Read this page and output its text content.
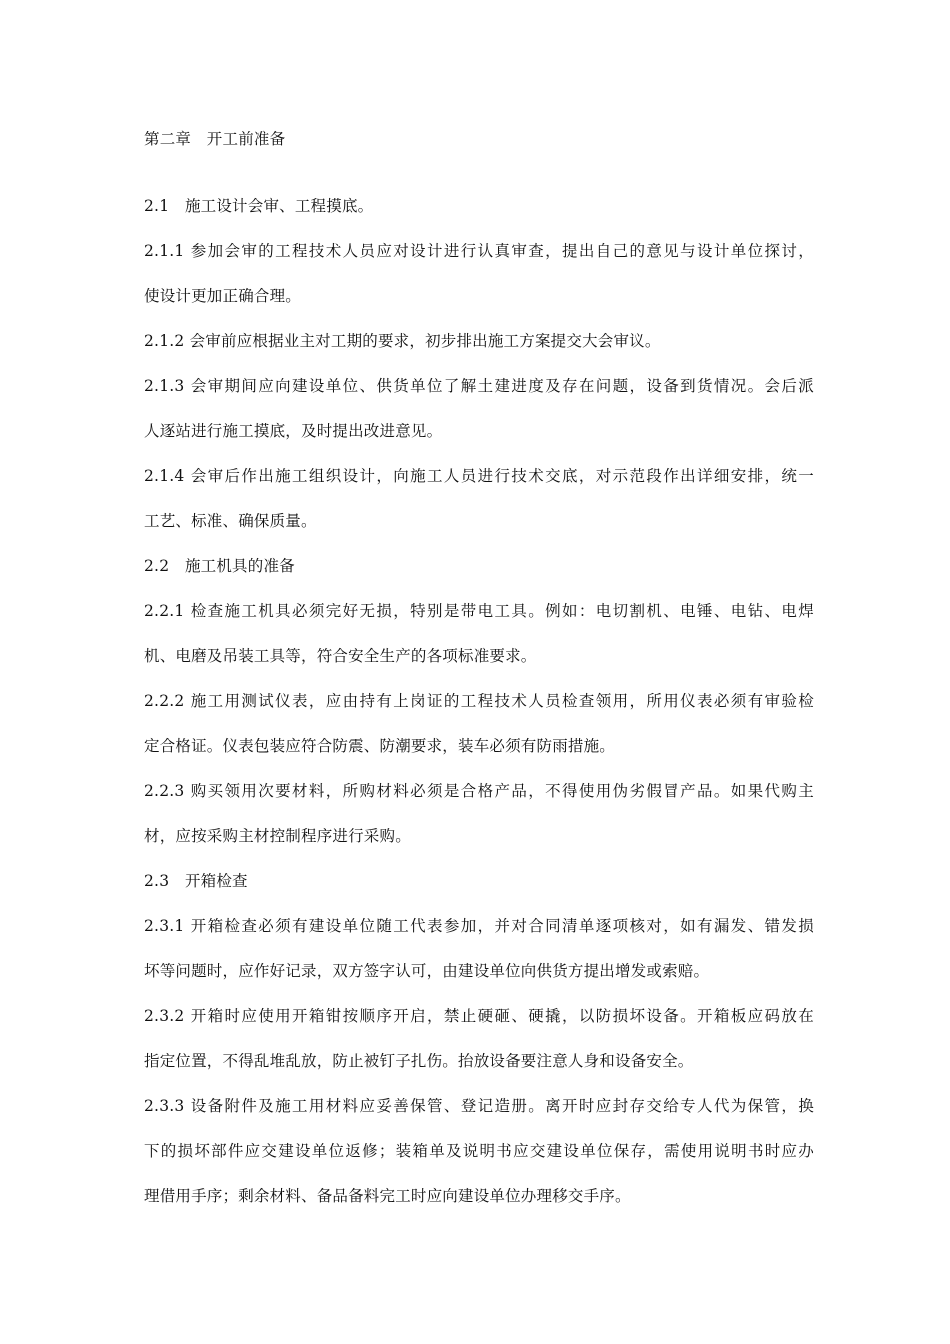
第二章　开工前准备
2.1　施工设计会审、工程摸底。
2.1.1 参加会审的工程技术人员应对设计进行认真审查，提出自己的意见与设计单位探讨，
使设计更加正确合理。
2.1.2 会审前应根据业主对工期的要求，初步排出施工方案提交大会审议。
2.1.3 会审期间应向建设单位、供货单位了解土建进度及存在问题，设备到货情况。会后派
人逐站进行施工摸底，及时提出改进意见。
2.1.4 会审后作出施工组织设计，向施工人员进行技术交底，对示范段作出详细安排，统一
工艺、标准、确保质量。
2.2　施工机具的准备
2.2.1 检查施工机具必须完好无损，特别是带电工具。例如：电切割机、电锤、电钻、电焊
机、电磨及吊装工具等，符合安全生产的各项标准要求。
2.2.2 施工用测试仪表，应由持有上岗证的工程技术人员检查领用，所用仪表必须有审验检
定合格证。仪表包装应符合防震、防潮要求，装车必须有防雨措施。
2.2.3 购买领用次要材料，所购材料必须是合格产品，不得使用伪劣假冒产品。如果代购主
材，应按采购主材控制程序进行采购。
2.3　开箱检查
2.3.1 开箱检查必须有建设单位随工代表参加，并对合同清单逐项核对，如有漏发、错发损
坏等问题时，应作好记录，双方签字认可，由建设单位向供货方提出增发或索赔。
2.3.2 开箱时应使用开箱钳按顺序开启，禁止硬砸、硬撬，以防损坏设备。开箱板应码放在
指定位置，不得乱堆乱放，防止被钉子扎伤。抬放设备要注意人身和设备安全。
2.3.3 设备附件及施工用材料应妥善保管、登记造册。离开时应封存交给专人代为保管，换
下的损坏部件应交建设单位返修；装箱单及说明书应交建设单位保存，需使用说明书时应办
理借用手序；剩余材料、备品备料完工时应向建设单位办理移交手序。
